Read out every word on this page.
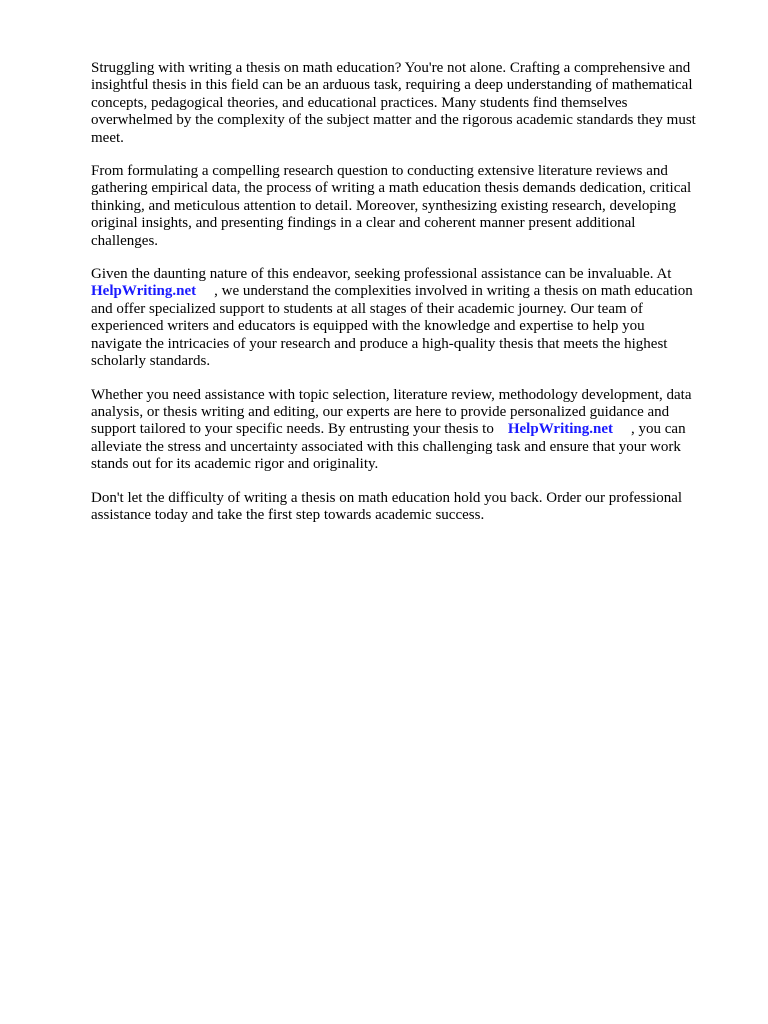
Struggling with writing a thesis on math education? You're not alone. Crafting a comprehensive and
insightful thesis in this field can be an arduous task, requiring a deep understanding of mathematical
concepts, pedagogical theories, and educational practices. Many students find themselves
overwhelmed by the complexity of the subject matter and the rigorous academic standards they must
meet.
From formulating a compelling research question to conducting extensive literature reviews and
gathering empirical data, the process of writing a math education thesis demands dedication, critical
thinking, and meticulous attention to detail. Moreover, synthesizing existing research, developing
original insights, and presenting findings in a clear and coherent manner present additional
challenges.
Given the daunting nature of this endeavor, seeking professional assistance can be invaluable. At
HelpWriting.net , we understand the complexities involved in writing a thesis on math education
and offer specialized support to students at all stages of their academic journey. Our team of
experienced writers and educators is equipped with the knowledge and expertise to help you
navigate the intricacies of your research and produce a high-quality thesis that meets the highest
scholarly standards.
Whether you need assistance with topic selection, literature review, methodology development, data
analysis, or thesis writing and editing, our experts are here to provide personalized guidance and
support tailored to your specific needs. By entrusting your thesis to HelpWriting.net , you can
alleviate the stress and uncertainty associated with this challenging task and ensure that your work
stands out for its academic rigor and originality.
Don't let the difficulty of writing a thesis on math education hold you back. Order our professional
assistance today and take the first step towards academic success.
